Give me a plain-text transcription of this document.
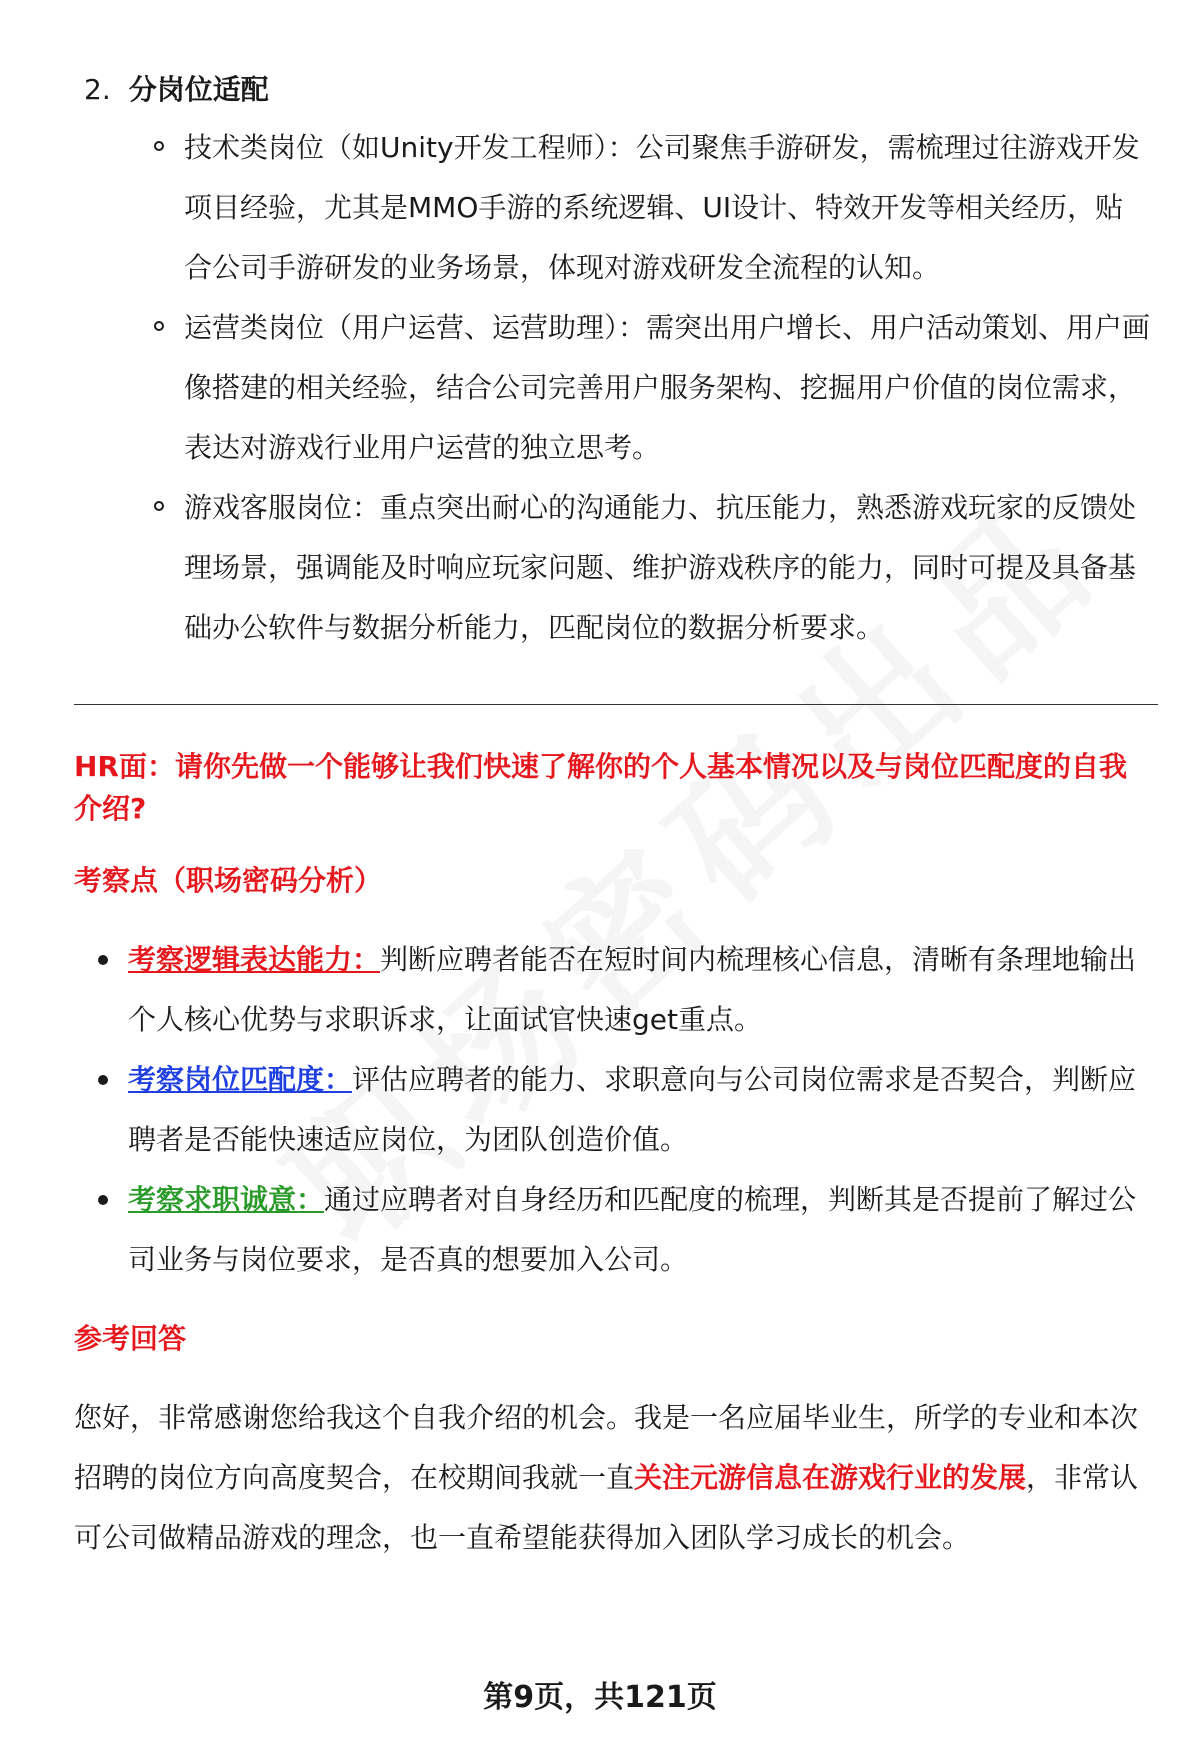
2. 分岗位适配
技术类岗位（如Unity开发工程师）：公司聚焦手游研发，需梳理过往游戏开发项目经验，尤其是MMO手游的系统逻辑、UI设计、特效开发等相关经历，贴合公司手游研发的业务场景，体现对游戏研发全流程的认知。
运营类岗位（用户运营、运营助理）：需突出用户增长、用户活动策划、用户画像搭建的相关经验，结合公司完善用户服务架构、挖掘用户价值的岗位需求，表达对游戏行业用户运营的独立思考。
游戏客服岗位：重点突出耐心的沟通能力、抗压能力，熟悉游戏玩家的反馈处理场景，强调能及时响应玩家问题、维护游戏秩序的能力，同时可提及具备基础办公软件与数据分析能力，匹配岗位的数据分析要求。
HR面：请你先做一个能够让我们快速了解你的个人基本情况以及与岗位匹配度的自我介绍?
考察点（职场密码分析）
考察逻辑表达能力：判断应聘者能否在短时间内梳理核心信息，清晰有条理地输出个人核心优势与求职诉求，让面试官快速get重点。
考察岗位匹配度：评估应聘者的能力、求职意向与公司岗位需求是否契合，判断应聘者是否能快速适应岗位，为团队创造价值。
考察求职诚意：通过应聘者对自身经历和匹配度的梳理，判断其是否提前了解过公司业务与岗位要求，是否真的想要加入公司。
参考回答
您好，非常感谢您给我这个自我介绍的机会。我是一名应届毕业生，所学的专业和本次招聘的岗位方向高度契合，在校期间我就一直关注元游信息在游戏行业的发展，非常认可公司做精品游戏的理念，也一直希望能获得加入团队学习成长的机会。
第9页，共121页
